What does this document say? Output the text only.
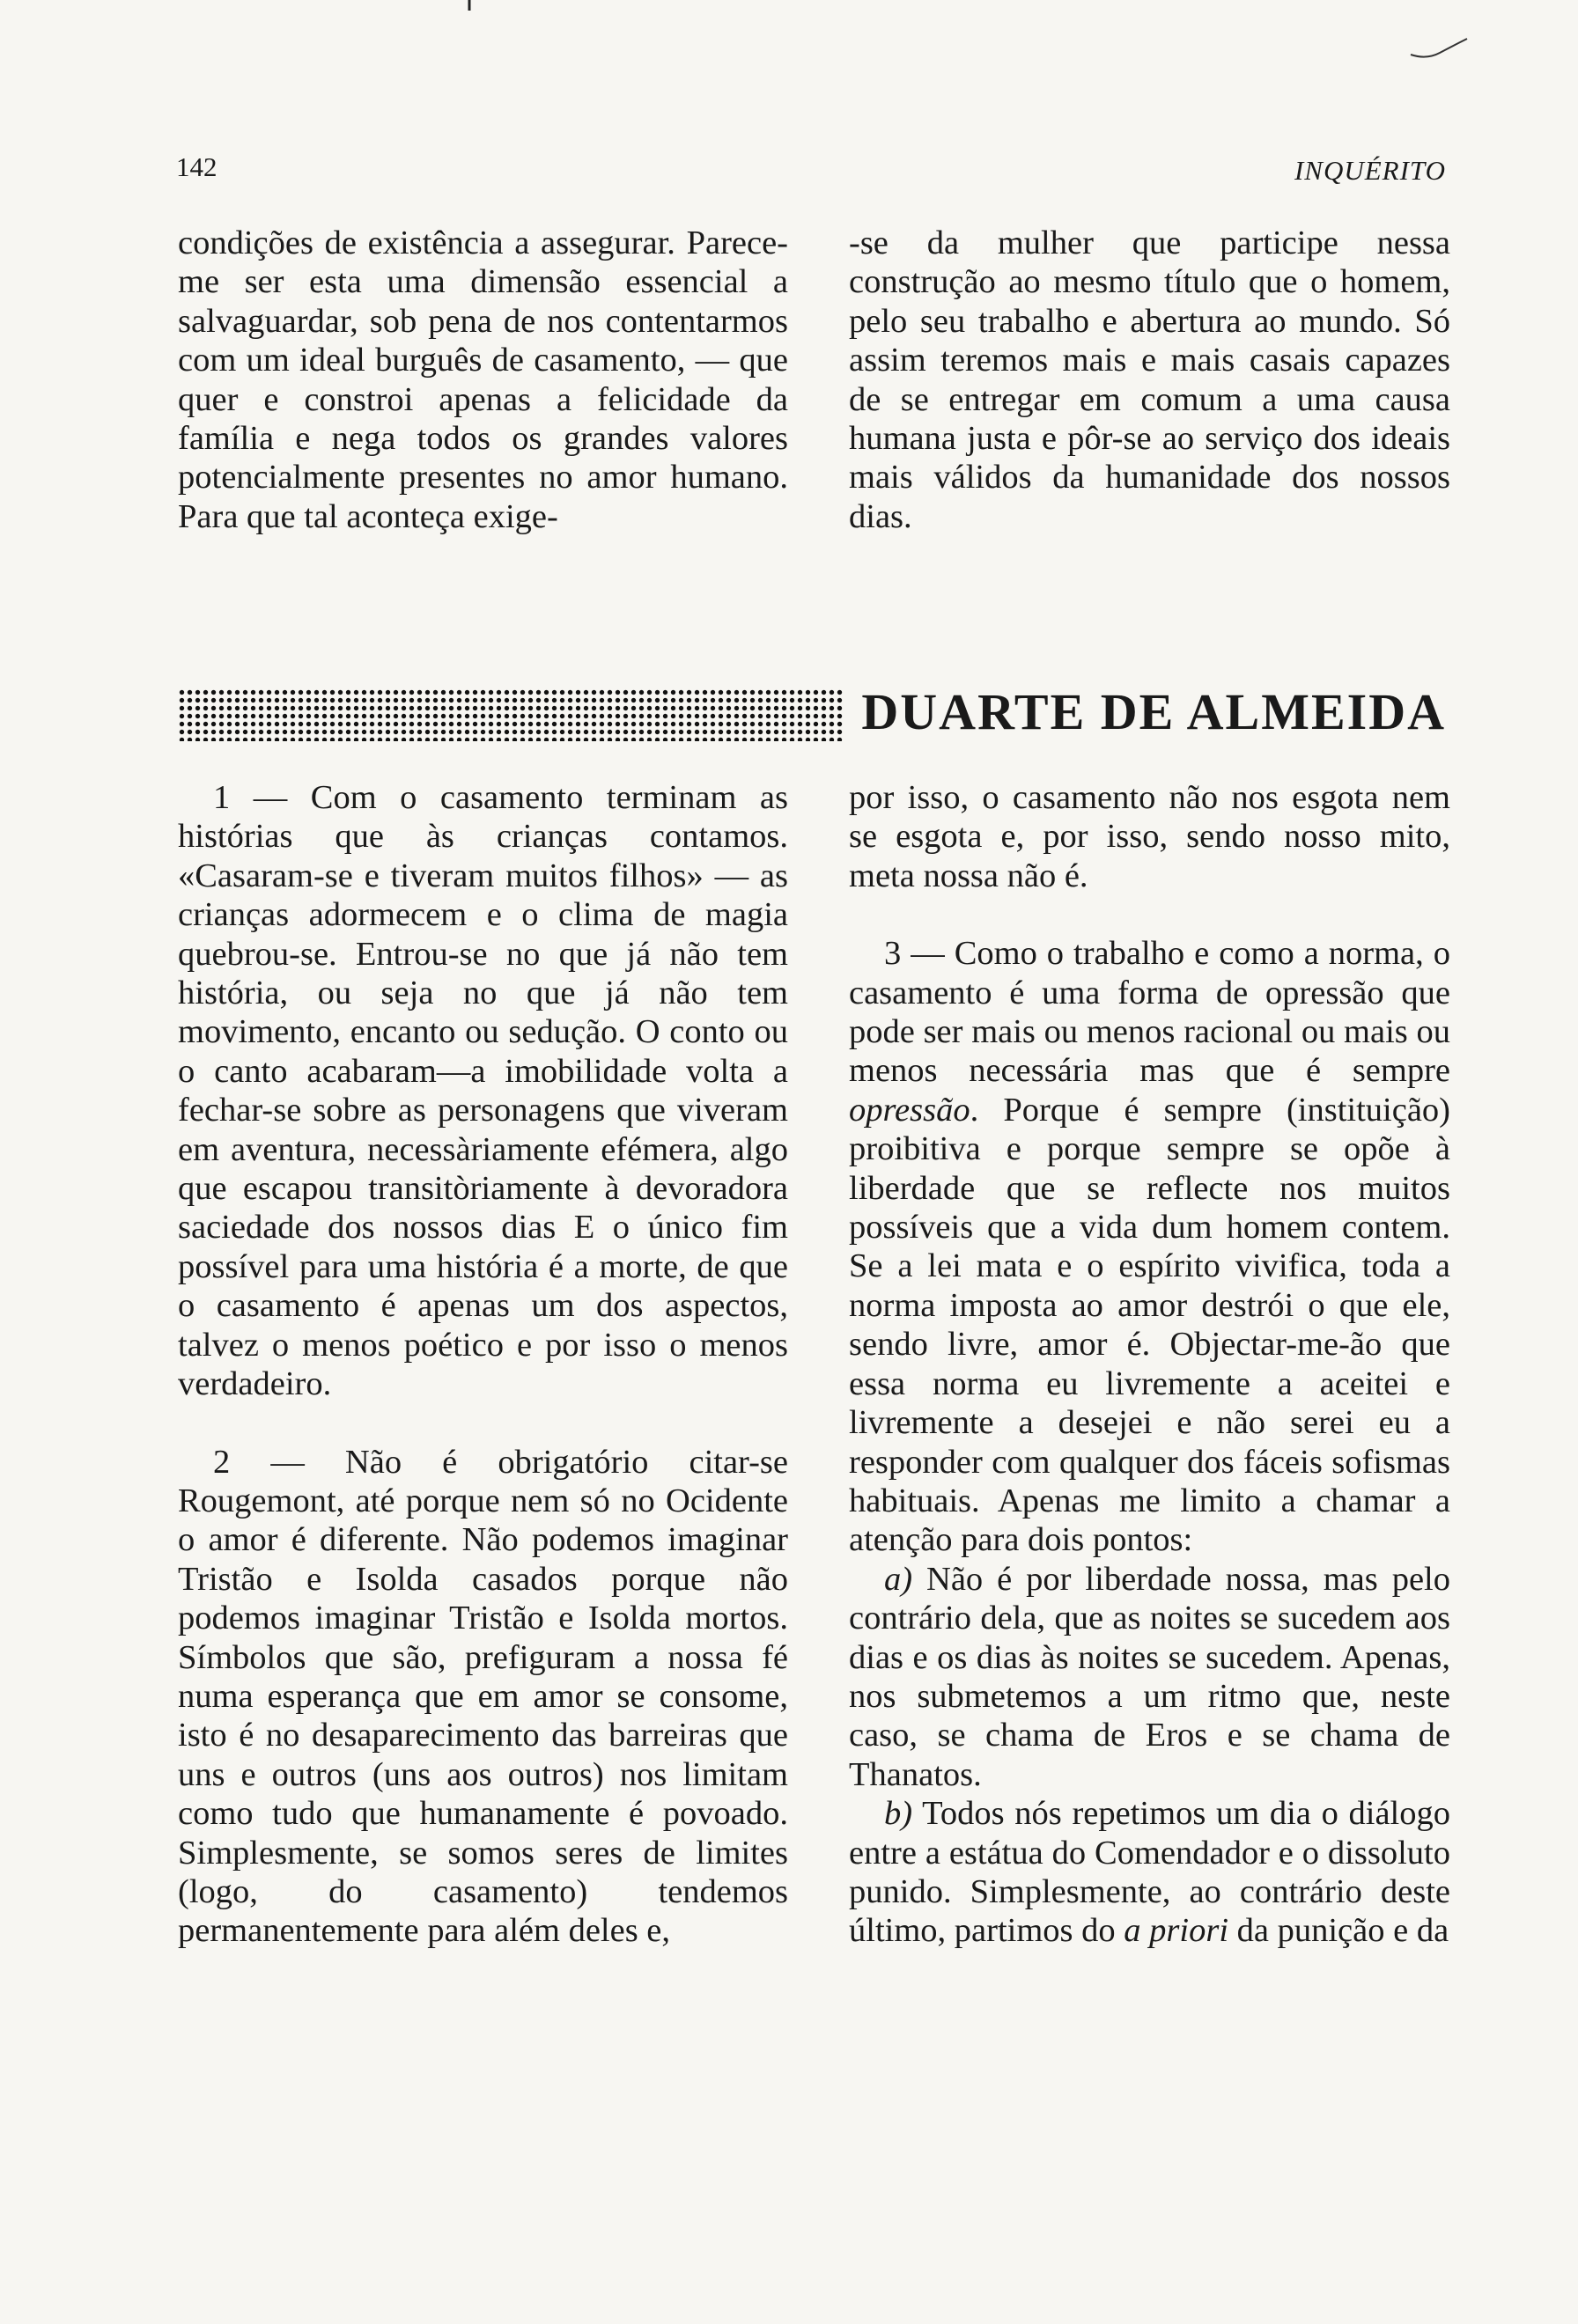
142	INQUÉRITO

condições de existência a assegurar. Parece-me ser esta uma dimensão essencial a salvaguardar, sob pena de nos contentarmos com um ideal burguês de casamento, — que quer e constroi apenas a felicidade da família e nega todos os grandes valores potencialmente presentes no amor humano. Para que tal aconteça exige-

-se da mulher que participe nessa construção ao mesmo título que o homem, pelo seu trabalho e abertura ao mundo. Só assim teremos mais e mais casais capazes de se entregar em comum a uma causa humana justa e pôr-se ao serviço dos ideais mais válidos da humanidade dos nossos dias.

DUARTE DE ALMEIDA

1 — Com o casamento terminam as histórias que às crianças contamos. «Casaram-se e tiveram muitos filhos» — as crianças adormecem e o clima de magia quebrou-se. Entrou-se no que já não tem história, ou seja no que já não tem movimento, encanto ou sedução. O conto ou o canto acabaram—a imobilidade volta a fechar-se sobre as personagens que viveram em aventura, necessàriamente efémera, algo que escapou transitòriamente à devoradora saciedade dos nossos dias E o único fim possível para uma história é a morte, de que o casamento é apenas um dos aspectos, talvez o menos poético e por isso o menos verdadeiro.

2 — Não é obrigatório citar-se Rougemont, até porque nem só no Ocidente o amor é diferente. Não podemos imaginar Tristão e Isolda casados porque não podemos imaginar Tristão e Isolda mortos. Símbolos que são, prefiguram a nossa fé numa esperança que em amor se consome, isto é no desaparecimento das barreiras que uns e outros (uns aos outros) nos limitam como tudo que humanamente é povoado. Simplesmente, se somos seres de limites (logo, do casamento) tendemos permanentemente para além deles e,

por isso, o casamento não nos esgota nem se esgota e, por isso, sendo nosso mito, meta nossa não é.

3 — Como o trabalho e como a norma, o casamento é uma forma de opressão que pode ser mais ou menos racional ou mais ou menos necessária mas que é sempre opressão. Porque é sempre (instituição) proibitiva e porque sempre se opõe à liberdade que se reflecte nos muitos possíveis que a vida dum homem contem. Se a lei mata e o espírito vivifica, toda a norma imposta ao amor destrói o que ele, sendo livre, amor é. Objectar-me-ão que essa norma eu livremente a aceitei e livremente a desejei e não serei eu a responder com qualquer dos fáceis sofismas habituais. Apenas me limito a chamar a atenção para dois pontos:

a) Não é por liberdade nossa, mas pelo contrário dela, que as noites se sucedem aos dias e os dias às noites se sucedem. Apenas, nos submetemos a um ritmo que, neste caso, se chama de Eros e se chama de Thanatos.

b) Todos nós repetimos um dia o diálogo entre a estátua do Comendador e o dissoluto punido. Simplesmente, ao contrário deste último, partimos do a priori da punição e da
